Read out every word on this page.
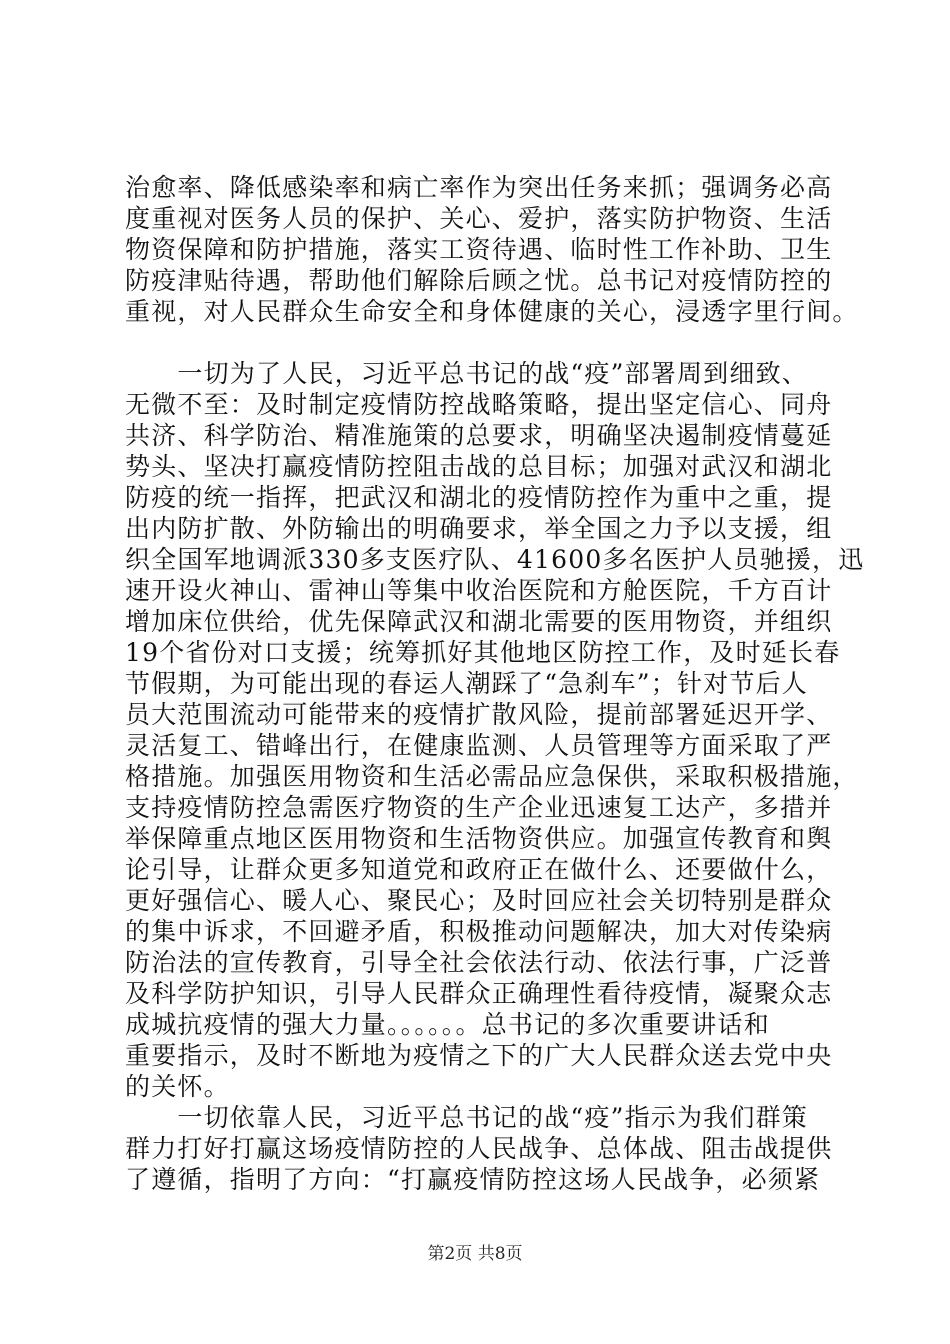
治愈率、降低感染率和病亡率作为突出任务来抓；强调务必高
度重视对医务人员的保护、关心、爱护，落实防护物资、生活
物资保障和防护措施，落实工资待遇、临时性工作补助、卫生
防疫津贴待遇，帮助他们解除后顾之忧。总书记对疫情防控的
重视，对人民群众生命安全和身体健康的关心，浸透字里行间。
　　一切为了人民，习近平总书记的战“疫”部署周到细致、
无微不至：及时制定疫情防控战略策略，提出坚定信心、同舟
共济、科学防治、精准施策的总要求，明确坚决遏制疫情蔓延
势头、坚决打赢疫情防控阻击战的总目标；加强对武汉和湖北
防疫的统一指挥，把武汉和湖北的疫情防控作为重中之重，提
出内防扩散、外防输出的明确要求，举全国之力予以支援，组
织全国军地调派330多支医疗队、41600多名医护人员驰援，迅
速开设火神山、雷神山等集中收治医院和方舱医院，千方百计
增加床位供给，优先保障武汉和湖北需要的医用物资，并组织
19个省份对口支援；统筹抓好其他地区防控工作，及时延长春
节假期，为可能出现的春运人潮踩了“急刹车”；针对节后人
员大范围流动可能带来的疫情扩散风险，提前部署延迟开学、
灵活复工、错峰出行，在健康监测、人员管理等方面采取了严
格措施。加强医用物资和生活必需品应急保供，采取积极措施，
支持疫情防控急需医疗物资的生产企业迅速复工达产，多措并
举保障重点地区医用物资和生活物资供应。加强宣传教育和舆
论引导，让群众更多知道党和政府正在做什么、还要做什么，
更好强信心、暖人心、聚民心；及时回应社会关切特别是群众
的集中诉求，不回避矛盾，积极推动问题解决，加大对传染病
防治法的宣传教育，引导全社会依法行动、依法行事，广泛普
及科学防护知识，引导人民群众正确理性看待疫情，凝聚众志
成城抗疫情的强大力量。。。。。。总书记的多次重要讲话和
重要指示，及时不断地为疫情之下的广大人民群众送去党中央
的关怀。
　　一切依靠人民，习近平总书记的战“疫”指示为我们群策
群力打好打赢这场疫情防控的人民战争、总体战、阻击战提供
了遵循，指明了方向：“打赢疫情防控这场人民战争，必须紧
第2页 共8页
